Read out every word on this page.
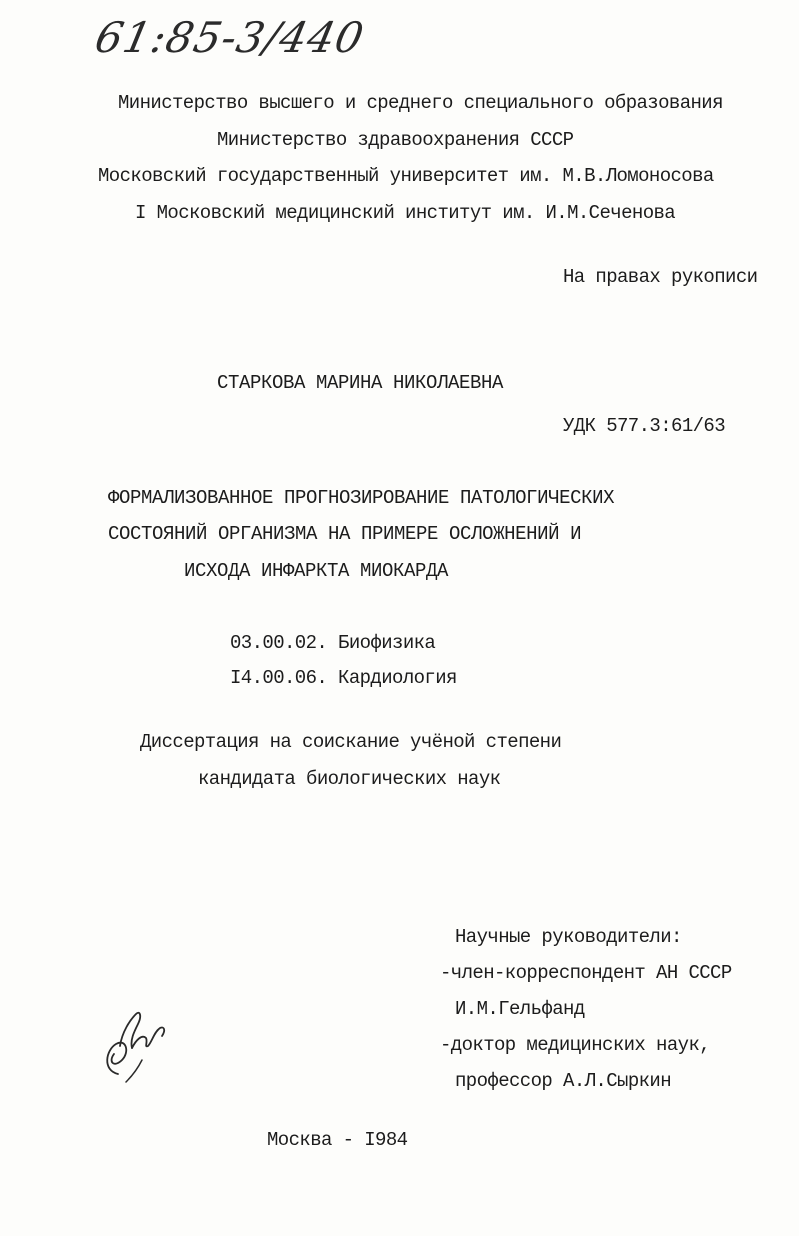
61:85-3/440
Министерство высшего и среднего специального образования
Министерство здравоохранения СССР
Московский государственный университет им. М.В.Ломоносова
I Московский медицинский институт им. И.М.Сеченова
На правах рукописи
СТАРКОВА МАРИНА НИКОЛАЕВНА
УДК 577.3:61/63
ФОРМАЛИЗОВАННОЕ ПРОГНОЗИРОВАНИЕ ПАТОЛОГИЧЕСКИХ
СОСТОЯНИЙ ОРГАНИЗМА НА ПРИМЕРЕ ОСЛОЖНЕНИЙ И
ИСХОДА ИНФАРКТА МИОКАРДА
03.00.02. Биофизика
I4.00.06. Кардиология
Диссертация на соискание учёной степени
кандидата биологических наук
Научные руководители:
-член-корреспондент АН СССР
И.М.Гельфанд
-доктор медицинских наук,
профессор А.Л.Сыркин
Москва - I984
